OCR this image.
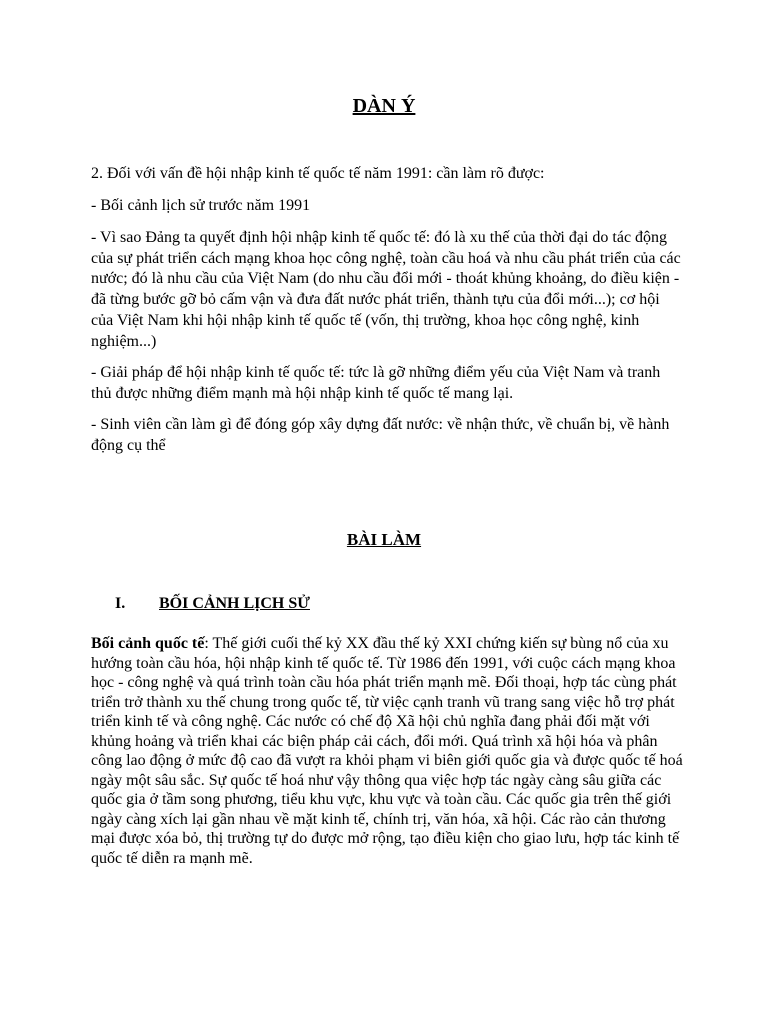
DÀN Ý

2. Đối với vấn đề hội nhập kinh tế quốc tế năm 1991: cần làm rõ được:

- Bối cảnh lịch sử trước năm 1991

- Vì sao Đảng ta quyết định hội nhập kinh tế quốc tế: đó là xu thế của thời đại do tác động của sự phát triển cách mạng khoa học công nghệ, toàn cầu hoá và nhu cầu phát triển của các nước; đó là nhu cầu của Việt Nam (do nhu cầu đổi mới - thoát khủng khoảng, do điều kiện - đã từng bước gỡ bỏ cấm vận và đưa đất nước phát triển, thành tựu của đổi mới...); cơ hội của Việt Nam khi hội nhập kinh tế quốc tế (vốn, thị trường, khoa học công nghệ, kinh nghiệm...)

- Giải pháp để hội nhập kinh tế quốc tế: tức là gỡ những điểm yếu của Việt Nam và tranh thủ được những điểm mạnh mà hội nhập kinh tế quốc tế mang lại.

- Sinh viên cần làm gì để đóng góp xây dựng đất nước: về nhận thức, về chuẩn bị, về hành động cụ thể

BÀI LÀM
I. BỐI CẢNH LỊCH SỬ

Bối cảnh quốc tế: Thế giới cuối thế kỷ XX đầu thế kỷ XXI chứng kiến sự bùng nổ của xu hướng toàn cầu hóa, hội nhập kinh tế quốc tế. Từ 1986 đến 1991, với cuộc cách mạng khoa học - công nghệ và quá trình toàn cầu hóa phát triển mạnh mẽ. Đối thoại, hợp tác cùng phát triển trở thành xu thế chung trong quốc tế, từ việc cạnh tranh vũ trang sang việc hỗ trợ phát triển kinh tế và công nghệ. Các nước có chế độ Xã hội chủ nghĩa đang phải đối mặt với khủng hoảng và triển khai các biện pháp cải cách, đổi mới. Quá trình xã hội hóa và phân công lao động ở mức độ cao đã vượt ra khỏi phạm vi biên giới quốc gia và được quốc tế hoá ngày một sâu sắc. Sự quốc tế hoá như vậy thông qua việc hợp tác ngày càng sâu giữa các quốc gia ở tầm song phương, tiểu khu vực, khu vực và toàn cầu. Các quốc gia trên thế giới ngày càng xích lại gần nhau về mặt kinh tế, chính trị, văn hóa, xã hội. Các rào cản thương mại được xóa bỏ, thị trường tự do được mở rộng, tạo điều kiện cho giao lưu, hợp tác kinh tế quốc tế diễn ra mạnh mẽ.
